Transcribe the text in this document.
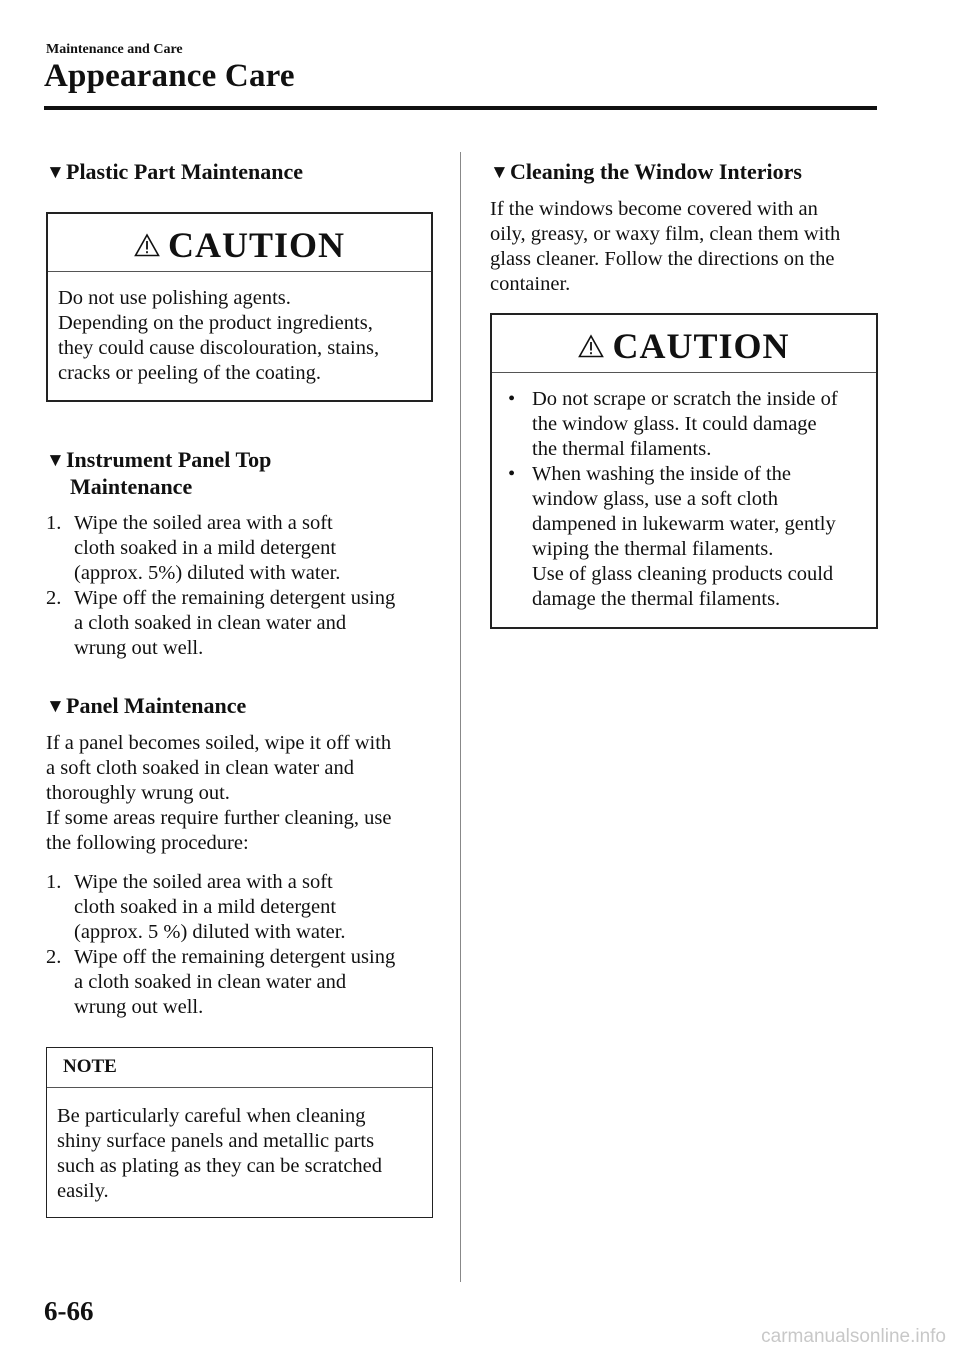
Maintenance and Care
Appearance Care
▼Plastic Part Maintenance
CAUTION

Do not use polishing agents.

Depending on the product ingredients,

they could cause discolouration, stains,

cracks or peeling of the coating.

▼Instrument Panel Top
Maintenance
1. Wipe the soiled area with a soft
cloth soaked in a mild detergent
(approx. 5%) diluted with water.
2. Wipe off the remaining detergent using
a cloth soaked in clean water and
wrung out well.
▼Panel Maintenance

If a panel becomes soiled, wipe it off with

a soft cloth soaked in clean water and

thoroughly wrung out.

If some areas require further cleaning, use

the following procedure:

1. Wipe the soiled area with a soft
cloth soaked in a mild detergent
(approx. 5 %) diluted with water.
2. Wipe off the remaining detergent using
a cloth soaked in clean water and
wrung out well.
NOTE

Be particularly careful when cleaning

shiny surface panels and metallic parts

such as plating as they can be scratched

easily.

▼Cleaning the Window Interiors

If the windows become covered with an

oily, greasy, or waxy film, clean them with

glass cleaner. Follow the directions on the

container.

CAUTION
• Do not scrape or scratch the inside of
the window glass. It could damage
the thermal filaments.
• When washing the inside of the
window glass, use a soft cloth
dampened in lukewarm water, gently
wiping the thermal filaments.
Use of glass cleaning products could
damage the thermal filaments.
6-66
carmanualsonline.info
